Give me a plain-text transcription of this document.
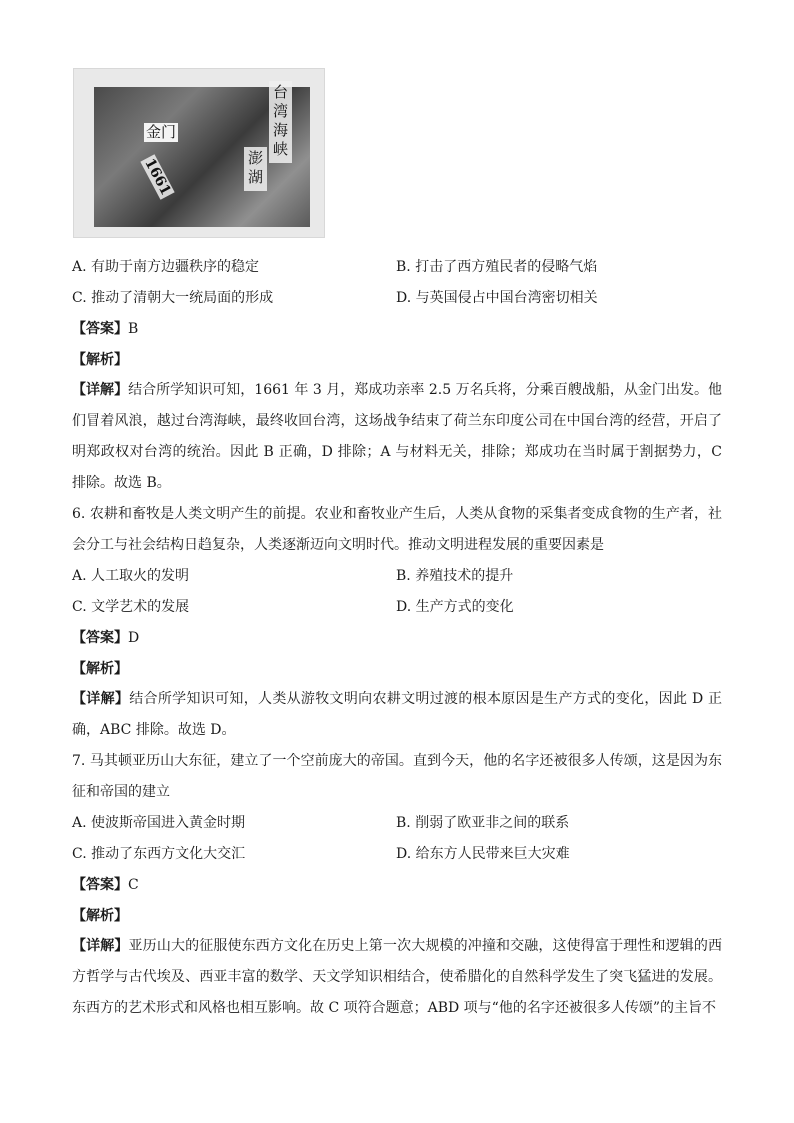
金门
1661
台湾海峡
澎湖
A. 有助于南方边疆秩序的稳定	B. 打击了西方殖民者的侵略气焰
C. 推动了清朝大一统局面的形成	D. 与英国侵占中国台湾密切相关
【答案】B
【解析】
【详解】结合所学知识可知，1661 年 3 月，郑成功亲率 2.5 万名兵将，分乘百艘战船，从金门出发。他们冒着风浪，越过台湾海峡，最终收回台湾，这场战争结束了荷兰东印度公司在中国台湾的经营，开启了明郑政权对台湾的统治。因此 B 正确，D 排除；A 与材料无关，排除；郑成功在当时属于割据势力，C 排除。故选 B。
6. 农耕和畜牧是人类文明产生的前提。农业和畜牧业产生后，人类从食物的采集者变成食物的生产者，社会分工与社会结构日趋复杂，人类逐渐迈向文明时代。推动文明进程发展的重要因素是
A. 人工取火的发明	B. 养殖技术的提升
C. 文学艺术的发展	D. 生产方式的变化
【答案】D
【解析】
【详解】结合所学知识可知，人类从游牧文明向农耕文明过渡的根本原因是生产方式的变化，因此 D 正确，ABC 排除。故选 D。
7. 马其顿亚历山大东征，建立了一个空前庞大的帝国。直到今天，他的名字还被很多人传颂，这是因为东征和帝国的建立
A. 使波斯帝国进入黄金时期	B. 削弱了欧亚非之间的联系
C. 推动了东西方文化大交汇	D. 给东方人民带来巨大灾难
【答案】C
【解析】
【详解】亚历山大的征服使东西方文化在历史上第一次大规模的冲撞和交融，这使得富于理性和逻辑的西方哲学与古代埃及、西亚丰富的数学、天文学知识相结合，使希腊化的自然科学发生了突飞猛进的发展。东西方的艺术形式和风格也相互影响。故 C 项符合题意；ABD 项与“他的名字还被很多人传颂”的主旨不
